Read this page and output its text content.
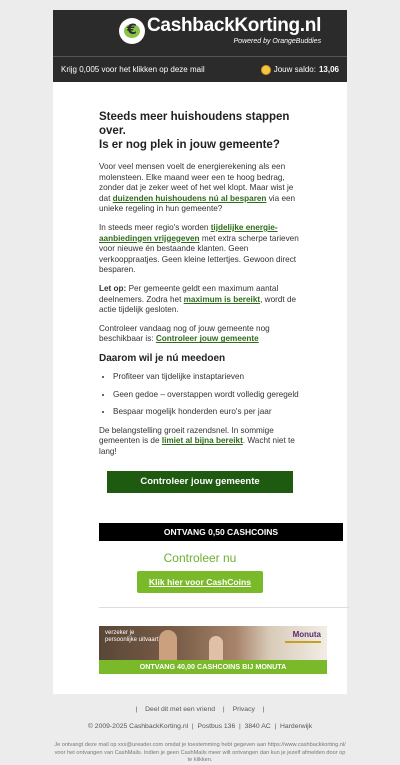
€
CashbackKorting.nl
Powered by OrangeBuddies
Krijg 0,005 voor het klikken op deze mail	Jouw saldo: 13,06
Steeds meer huishoudens stappen over.
Is er nog plek in jouw gemeente?

Voor veel mensen voelt de energierekening als een molensteen. Elke maand weer een te hoog bedrag, zonder dat je zeker weet of het wel klopt. Maar wist je dat duizenden huishoudens nú al besparen via een unieke regeling in hun gemeente?

In steeds meer regio's worden tijdelijke energie-aanbiedingen vrijgegeven met extra scherpe tarieven voor nieuwe én bestaande klanten. Geen verkooppraatjes. Geen kleine lettertjes. Gewoon direct besparen.

Let op: Per gemeente geldt een maximum aantal deelnemers. Zodra het maximum is bereikt, wordt de actie tijdelijk gesloten.

Controleer vandaag nog of jouw gemeente nog beschikbaar is: Controleer jouw gemeente

Daarom wil je nú meedoen
• Profiteer van tijdelijke instaptarieven
• Geen gedoe – overstappen wordt volledig geregeld
• Bespaar mogelijk honderden euro's per jaar

De belangstelling groeit razendsnel. In sommige gemeenten is de limiet al bijna bereikt. Wacht niet te lang!

Controleer jouw gemeente
ONTVANG 0,50 CASHCOINS
Controleer nu
Klik hier voor CashCoins
verzeker je
persoonlijke uitvaart
Monuta
ONTVANG 40,00 CASHCOINS BIJ MONUTA
| Deel dit met een vriend | Privacy |
© 2009-2025 CashbackKorting.nl  |  Postbus 136  |  3840 AC  |  Harderwijk
Je ontvangt deze mail op xxx@ureader.com omdat je toestemming hebt gegeven aan https://www.cashbackkorting.nl/ voor het ontvangen van CashMails. Indien je geen CashMails meer wilt ontvangen dan kun je jezelf afmelden door op te klikken.
